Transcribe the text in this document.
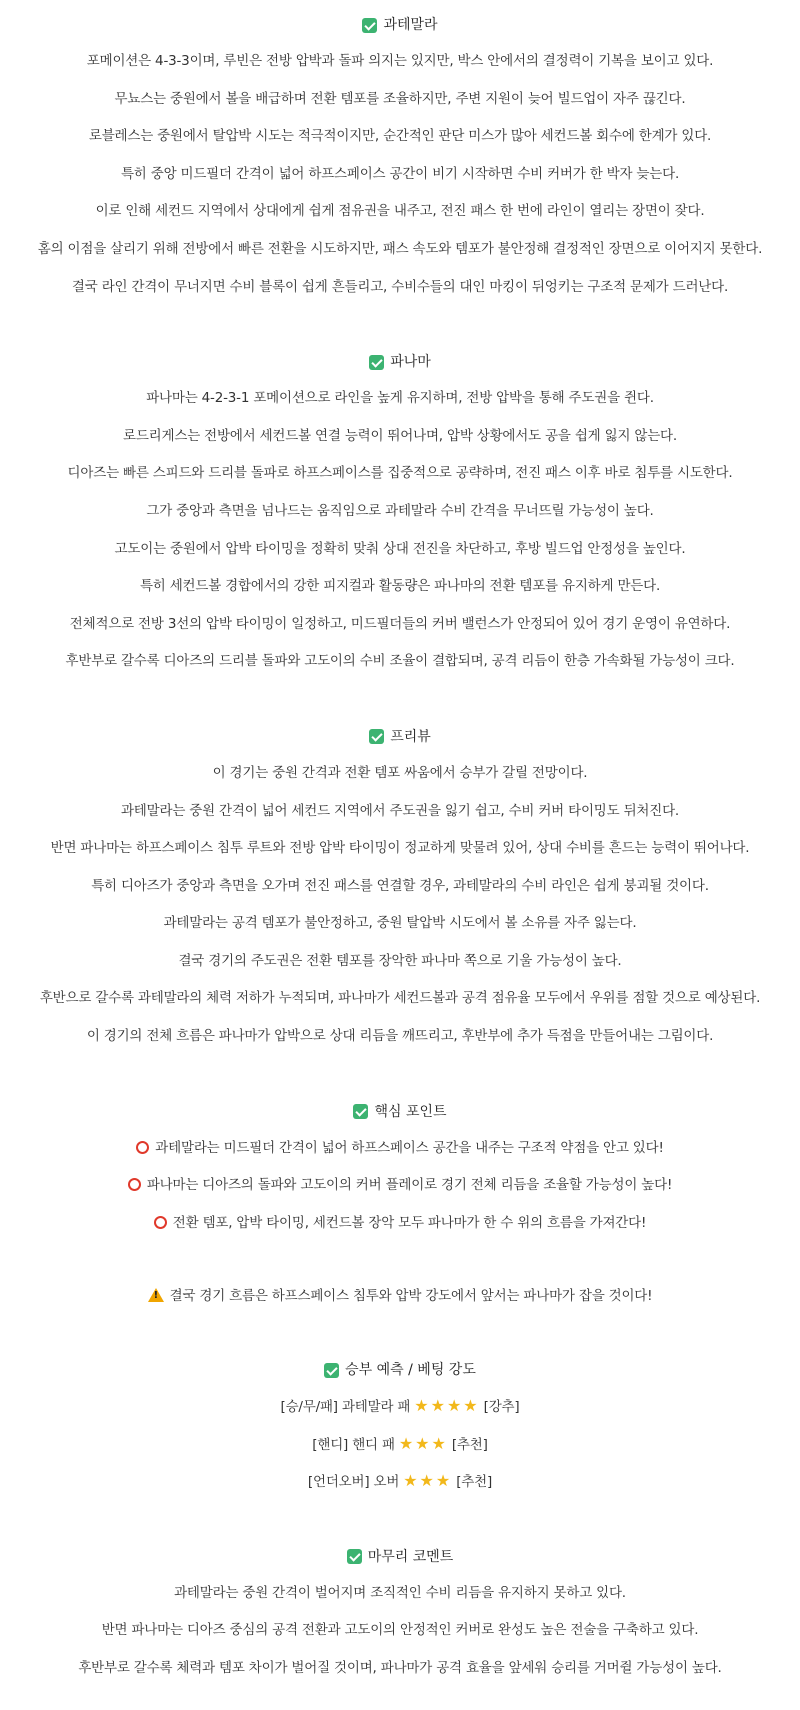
과테말라
포메이션은 4-3-3이며, 루빈은 전방 압박과 돌파 의지는 있지만, 박스 안에서의 결정력이 기복을 보이고 있다.
무뇨스는 중원에서 볼을 배급하며 전환 템포를 조율하지만, 주변 지원이 늦어 빌드업이 자주 끊긴다.
로블레스는 중원에서 탈압박 시도는 적극적이지만, 순간적인 판단 미스가 많아 세컨드볼 회수에 한계가 있다.
특히 중앙 미드필더 간격이 넓어 하프스페이스 공간이 비기 시작하면 수비 커버가 한 박자 늦는다.
이로 인해 세컨드 지역에서 상대에게 쉽게 점유권을 내주고, 전진 패스 한 번에 라인이 열리는 장면이 잦다.
홈의 이점을 살리기 위해 전방에서 빠른 전환을 시도하지만, 패스 속도와 템포가 불안정해 결정적인 장면으로 이어지지 못한다.
결국 라인 간격이 무너지면 수비 블록이 쉽게 흔들리고, 수비수들의 대인 마킹이 뒤엉키는 구조적 문제가 드러난다.
파나마
파나마는 4-2-3-1 포메이션으로 라인을 높게 유지하며, 전방 압박을 통해 주도권을 쥔다.
로드리게스는 전방에서 세컨드볼 연결 능력이 뛰어나며, 압박 상황에서도 공을 쉽게 잃지 않는다.
디아즈는 빠른 스피드와 드리블 돌파로 하프스페이스를 집중적으로 공략하며, 전진 패스 이후 바로 침투를 시도한다.
그가 중앙과 측면을 넘나드는 움직임으로 과테말라 수비 간격을 무너뜨릴 가능성이 높다.
고도이는 중원에서 압박 타이밍을 정확히 맞춰 상대 전진을 차단하고, 후방 빌드업 안정성을 높인다.
특히 세컨드볼 경합에서의 강한 피지컬과 활동량은 파나마의 전환 템포를 유지하게 만든다.
전체적으로 전방 3선의 압박 타이밍이 일정하고, 미드필더들의 커버 밸런스가 안정되어 있어 경기 운영이 유연하다.
후반부로 갈수록 디아즈의 드리블 돌파와 고도이의 수비 조율이 결합되며, 공격 리듬이 한층 가속화될 가능성이 크다.
프리뷰
이 경기는 중원 간격과 전환 템포 싸움에서 승부가 갈릴 전망이다.
과테말라는 중원 간격이 넓어 세컨드 지역에서 주도권을 잃기 쉽고, 수비 커버 타이밍도 뒤처진다.
반면 파나마는 하프스페이스 침투 루트와 전방 압박 타이밍이 정교하게 맞물려 있어, 상대 수비를 흔드는 능력이 뛰어나다.
특히 디아즈가 중앙과 측면을 오가며 전진 패스를 연결할 경우, 과테말라의 수비 라인은 쉽게 붕괴될 것이다.
과테말라는 공격 템포가 불안정하고, 중원 탈압박 시도에서 볼 소유를 자주 잃는다.
결국 경기의 주도권은 전환 템포를 장악한 파나마 쪽으로 기울 가능성이 높다.
후반으로 갈수록 과테말라의 체력 저하가 누적되며, 파나마가 세컨드볼과 공격 점유율 모두에서 우위를 점할 것으로 예상된다.
이 경기의 전체 흐름은 파나마가 압박으로 상대 리듬을 깨뜨리고, 후반부에 추가 득점을 만들어내는 그림이다.
핵심 포인트
과테말라는 미드필더 간격이 넓어 하프스페이스 공간을 내주는 구조적 약점을 안고 있다!
파나마는 디아즈의 돌파와 고도이의 커버 플레이로 경기 전체 리듬을 조율할 가능성이 높다!
전환 템포, 압박 타이밍, 세컨드볼 장악 모두 파나마가 한 수 위의 흐름을 가져간다!
!결국 경기 흐름은 하프스페이스 침투와 압박 강도에서 앞서는 파나마가 잡을 것이다!
승부 예측 / 베팅 강도
[승/무/패] 과테말라 패 ★★★★ [강추]
[핸디] 핸디 패 ★★★ [추천]
[언더오버] 오버 ★★★ [추천]
마무리 코멘트
과테말라는 중원 간격이 벌어지며 조직적인 수비 리듬을 유지하지 못하고 있다.
반면 파나마는 디아즈 중심의 공격 전환과 고도이의 안정적인 커버로 완성도 높은 전술을 구축하고 있다.
후반부로 갈수록 체력과 템포 차이가 벌어질 것이며, 파나마가 공격 효율을 앞세워 승리를 거머쥘 가능성이 높다.
